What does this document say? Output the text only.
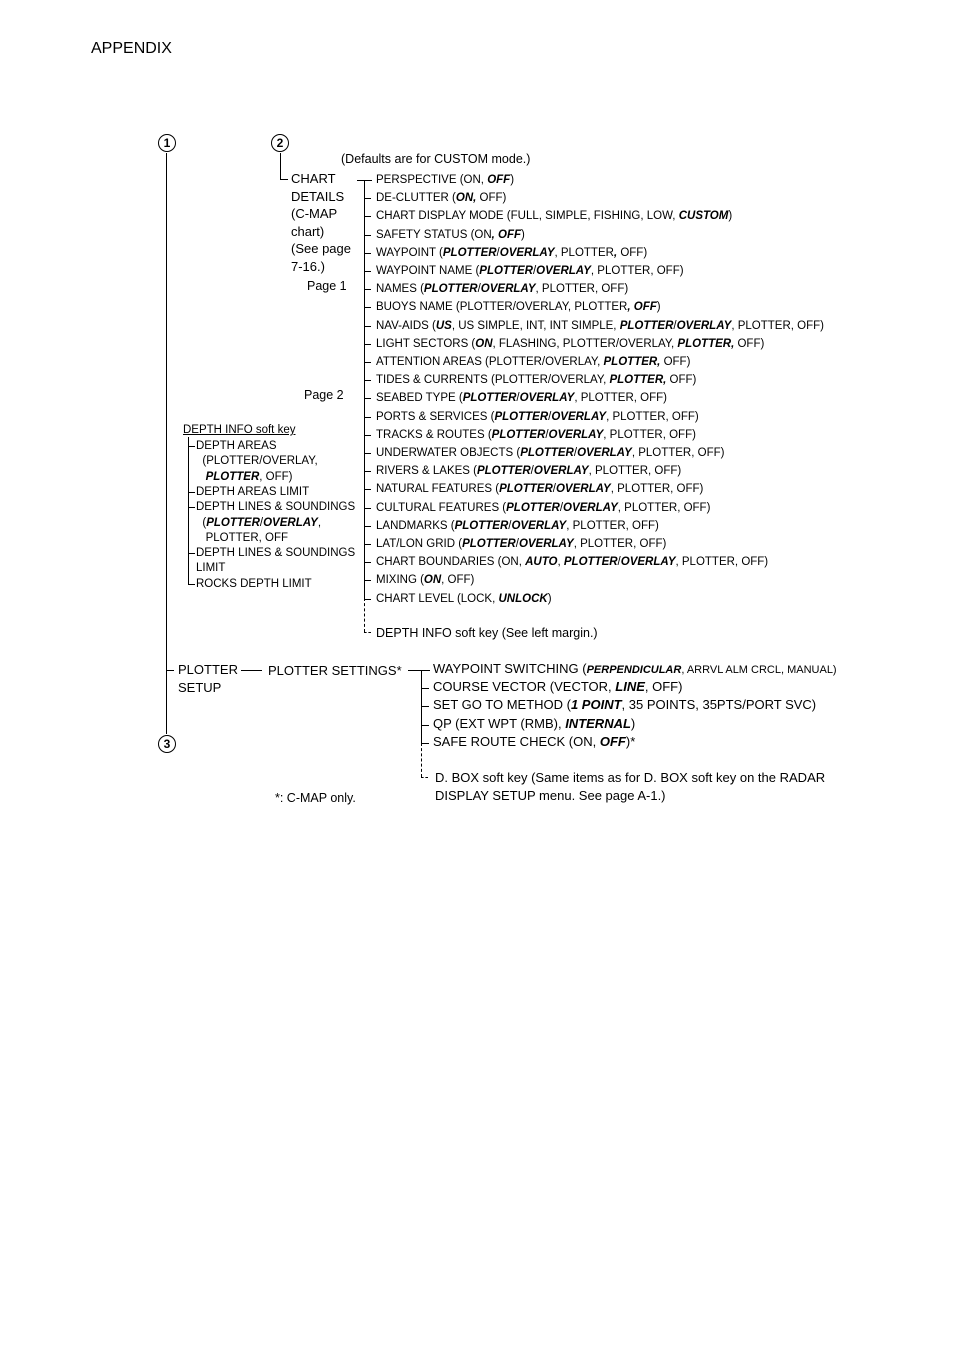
APPENDIX
1	2
3
(Defaults are for CUSTOM mode.)
CHART
DETAILS
(C-MAP
chart)
(See page
7-16.)
Page 1
Page 2
PERSPECTIVE (ON, OFF)
DE-CLUTTER (ON, OFF)
CHART DISPLAY MODE (FULL, SIMPLE, FISHING, LOW, CUSTOM)
SAFETY STATUS (ON, OFF)
WAYPOINT (PLOTTER/OVERLAY, PLOTTER, OFF)
WAYPOINT NAME (PLOTTER/OVERLAY, PLOTTER, OFF)
NAMES (PLOTTER/OVERLAY, PLOTTER, OFF)
BUOYS NAME (PLOTTER/OVERLAY, PLOTTER, OFF)
NAV-AIDS (US, US SIMPLE, INT, INT SIMPLE, PLOTTER/OVERLAY, PLOTTER, OFF)
LIGHT SECTORS (ON, FLASHING, PLOTTER/OVERLAY, PLOTTER, OFF)
ATTENTION AREAS (PLOTTER/OVERLAY, PLOTTER, OFF)
TIDES & CURRENTS (PLOTTER/OVERLAY, PLOTTER, OFF)
SEABED TYPE (PLOTTER/OVERLAY, PLOTTER, OFF)
PORTS & SERVICES (PLOTTER/OVERLAY, PLOTTER, OFF)
TRACKS & ROUTES (PLOTTER/OVERLAY, PLOTTER, OFF)
UNDERWATER OBJECTS (PLOTTER/OVERLAY, PLOTTER, OFF)
RIVERS & LAKES (PLOTTER/OVERLAY, PLOTTER, OFF)
NATURAL FEATURES (PLOTTER/OVERLAY, PLOTTER, OFF)
CULTURAL FEATURES (PLOTTER/OVERLAY, PLOTTER, OFF)
LANDMARKS (PLOTTER/OVERLAY, PLOTTER, OFF)
LAT/LON GRID (PLOTTER/OVERLAY, PLOTTER, OFF)
CHART BOUNDARIES (ON, AUTO, PLOTTER/OVERLAY, PLOTTER, OFF)
MIXING (ON, OFF)
CHART LEVEL (LOCK, UNLOCK)
DEPTH INFO soft key (See left margin.)
DEPTH INFO soft key
DEPTH AREAS
(PLOTTER/OVERLAY,
PLOTTER, OFF)
DEPTH AREAS LIMIT
DEPTH LINES & SOUNDINGS
(PLOTTER/OVERLAY,
PLOTTER, OFF
DEPTH LINES & SOUNDINGS
LIMIT
ROCKS DEPTH LIMIT
PLOTTER
SETUP
PLOTTER SETTINGS* WAYPOINT SWITCHING (PERPENDICULAR, ARRVL ALM CRCL, MANUAL)
COURSE VECTOR (VECTOR, LINE, OFF)
SET GO TO METHOD (1 POINT, 35 POINTS, 35PTS/PORT SVC)
QP (EXT WPT (RMB), INTERNAL)
SAFE ROUTE CHECK (ON, OFF)*
D. BOX soft key (Same items as for D. BOX soft key on the RADAR
DISPLAY SETUP menu. See page A-1.)
*: C-MAP only.
